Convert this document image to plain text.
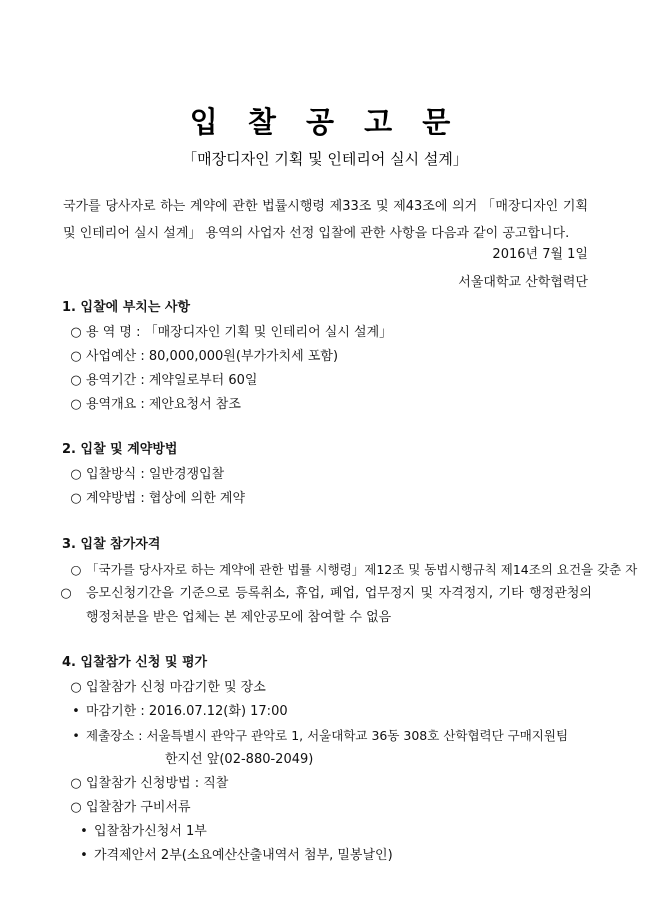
입 찰 공 고 문
「매장디자인 기획 및 인테리어 실시 설계」
국가를 당사자로 하는 계약에 관한 법률시행령 제33조 및 제43조에 의거 「매장디자인 기획 및 인테리어 실시 설계」 용역의 사업자 선정 입찰에 관한 사항을 다음과 같이 공고합니다.
2016년 7월 1일
서울대학교 산학협력단
1. 입찰에 부치는 사항
○ 용 역 명 : 「매장디자인 기획 및 인테리어 실시 설계」
○ 사업예산 : 80,000,000원(부가가치세 포함)
○ 용역기간 : 계약일로부터 60일
○ 용역개요 : 제안요청서 참조
2. 입찰 및 계약방법
○ 입찰방식 : 일반경쟁입찰
○ 계약방법 : 협상에 의한 계약
3. 입찰 참가자격
○ 「국가를 당사자로 하는 계약에 관한 법률 시행령」제12조 및 동법시행규칙 제14조의 요건을 갖춘 자
○ 응모신청기간을 기준으로 등록취소, 휴업, 폐업, 업무정지 및 자격정지, 기타 행정관청의 행정처분을 받은 업체는 본 제안공모에 참여할 수 없음
4. 입찰참가 신청 및 평가
○ 입찰참가 신청 마감기한 및 장소
• 마감기한 : 2016.07.12(화) 17:00
• 제출장소 : 서울특별시 관악구 관악로 1, 서울대학교 36동 308호 산학협력단 구매지원팀
한지선 앞(02-880-2049)
○ 입찰참가 신청방법 : 직찰
○ 입찰참가 구비서류
• 입찰참가신청서 1부
• 가격제안서 2부(소요예산산출내역서 첨부, 밀봉날인)
